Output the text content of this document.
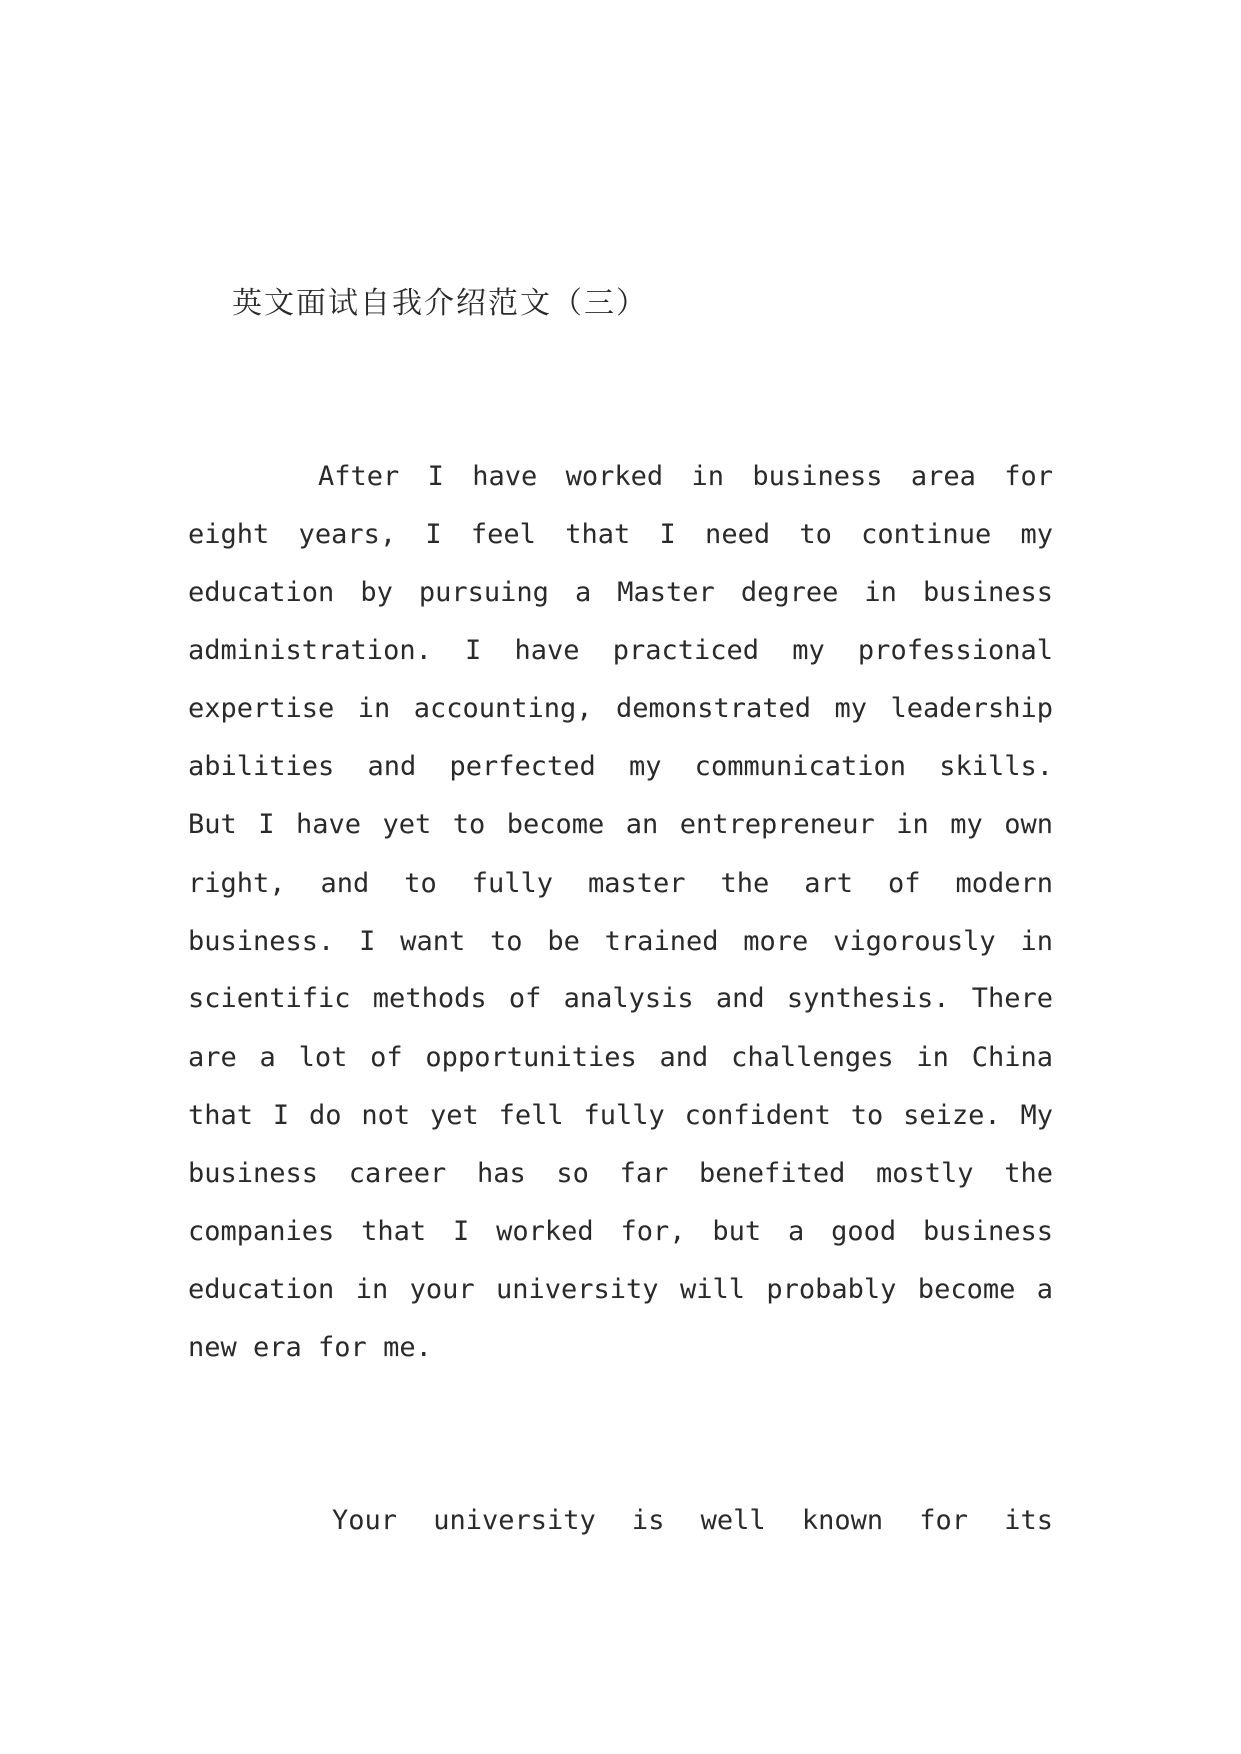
英文面试自我介绍范文（三）
After I have worked in business area for
eight years, I feel that I need to continue my
education by pursuing a Master degree in business
administration. I have practiced my professional
expertise in accounting, demonstrated my leadership
abilities and perfected my communication skills.
But I have yet to become an entrepreneur in my own
right, and to fully master the art of modern
business. I want to be trained more vigorously in
scientific methods of analysis and synthesis. There
are a lot of opportunities and challenges in China
that I do not yet fell fully confident to seize. My
business career has so far benefited mostly the
companies that I worked for, but a good business
education in your university will probably become a
new era for me.
Your university is well known for its
